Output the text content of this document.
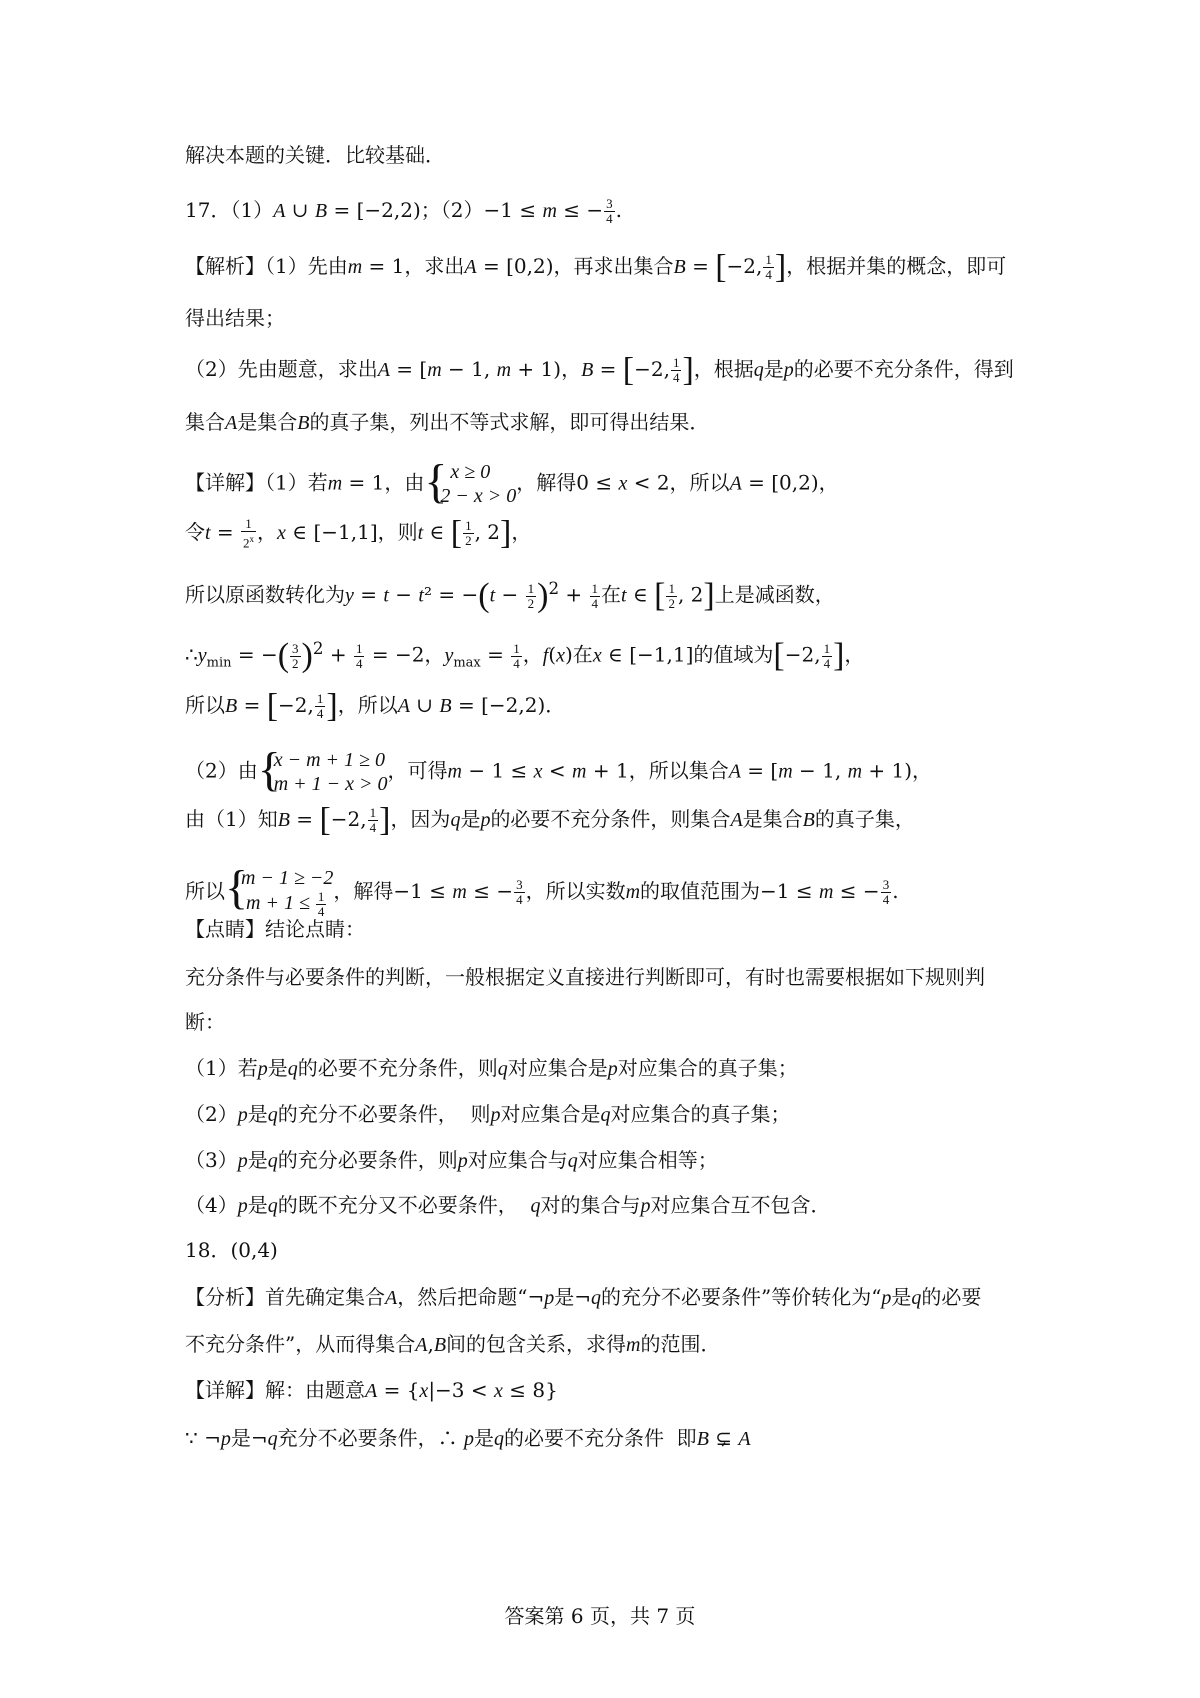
解决本题的关键．比较基础．
17．（1）A ∪ B = [−2,2)；（2）−1 ≤ m ≤ − $\frac{3}{4}$ .
【解析】（1）先由m = 1，求出A = [0,2)，再求出集合B = [−2, $\frac{1}{4}$ ]，根据并集的概念，即可
得出结果；
（2）先由题意，求出A = [m − 1, m + 1)，B = [−2, $\frac{1}{4}$ ]，根据q是p的必要不充分条件，得到
集合A是集合B的真子集，列出不等式求解，即可得出结果．
【详解】（1）若m = 1，由 {
x ≥ 0
2 − x > 0
，解得0 ≤ x < 2，所以A = [0,2)，
令$t = \frac{1}{2^x}$ ，x ∈ [−1,1]，则t ∈ [ $\frac{1}{2}$ , 2]，
所以原函数转化为$y = t - t^2 = -(t - \frac{1}{2} )^2 + \frac{1}{4}$ 在t ∈ [ $\frac{1}{2}$ , 2]上是减函数，
$\therefore y_{min}$ = −( $\frac{3}{2} )^2 + \frac{1}{4} = -2$，$y_{max} = \frac{1}{4}$ ，f(x)在x ∈ [−1,1]的值域为[−2, $\frac{1}{4}$ ]，
所以B = [−2, $\frac{1}{4}$ ]，所以A ∪ B = [−2,2)．
（2）由 {
x − m + 1 ≥ 0
m + 1 − x > 0
，可得m − 1 ≤ x < m + 1，所以集合A = [m − 1, m + 1)，
由（1）知B = [−2, $\frac{1}{4}$ ]，因为q是p的必要不充分条件，则集合A是集合B的真子集，
所以 {
m − 1 ≥ −2
$m + 1 \le \frac{1}{4}$ ，解得−1 ≤ m ≤ − $\frac{3}{4}$ ，所以实数m的取值范围为−1 ≤ m ≤ − $\frac{3}{4}$ .
【点睛】结论点睛：
充分条件与必要条件的判断，一般根据定义直接进行判断即可，有时也需要根据如下规则判
断：
（1）若p是q的必要不充分条件，则q对应集合是p对应集合的真子集；
（2）p是q的充分不必要条件，  则p对应集合是q对应集合的真子集；
（3）p是q的充分必要条件，则p对应集合与q对应集合相等；
（4）p是q的既不充分又不必要条件，  q对的集合与p对应集合互不包含．
18．(0,4)
【分析】首先确定集合A，然后把命题“¬p是¬q的充分不必要条件”等价转化为“p是q的必要
不充分条件”，从而得集合A,B间的包含关系，求得m的范围．
【详解】解：由题意A = {x|−3 < x ≤ 8}
∵ ¬p是¬q充分不必要条件，∴ p是q的必要不充分条件  即B ⊊ A
答案第 6 页，共 7 页
